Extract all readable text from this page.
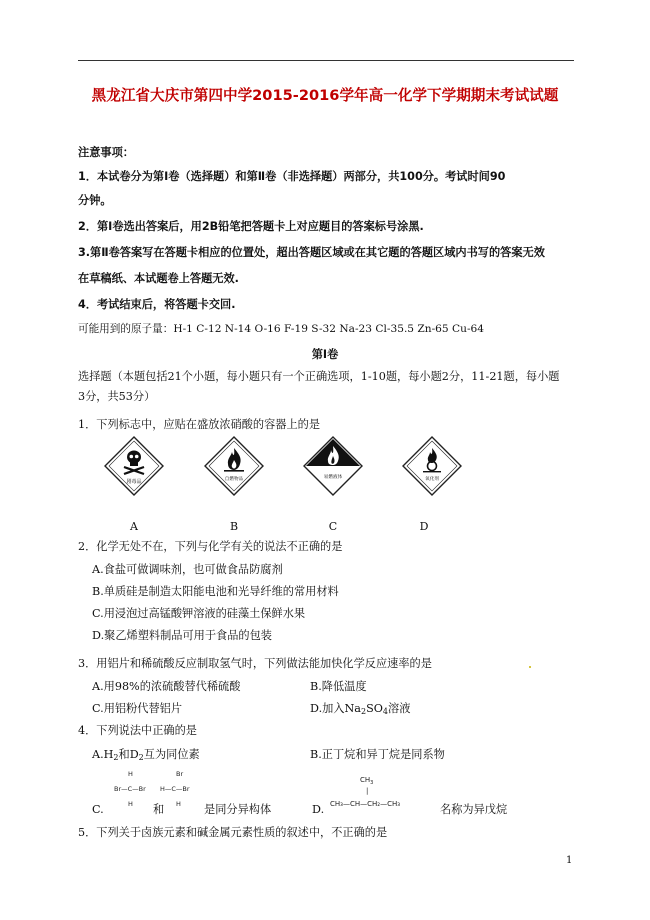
黑龙江省大庆市第四中学2015-2016学年高一化学下学期期末考试试题
注意事项：
1．本试卷分为第Ⅰ卷（选择题）和第Ⅱ卷（非选择题）两部分，共100分。考试时间90
分钟。
2．第Ⅰ卷选出答案后，用2B铅笔把答题卡上对应题目的答案标号涂黑.
3.第Ⅱ卷答案写在答题卡相应的位置处，超出答题区域或在其它题的答题区域内书写的答案无效
在草稿纸、本试题卷上答题无效.
4．考试结束后，将答题卡交回.
可能用到的原子量：H-1 C-12 N-14 O-16 F-19 S-32 Na-23 Cl-35.5 Zn-65 Cu-64
第Ⅰ卷
选择题（本题包括21个小题，每小题只有一个正确选项，1-10题，每小题2分，11-21题，每小题
3分，共53分）
1．下列标志中，应贴在盛放浓硝酸的容器上的是
剧毒品	自燃物品	易燃液体	氧化剂
A	B	C	D
2．化学无处不在，下列与化学有关的说法不正确的是
A.食盐可做调味剂，也可做食品防腐剂
B.单质硅是制造太阳能电池和光导纤维的常用材料
C.用浸泡过高锰酸钾溶液的硅藻土保鲜水果
D.聚乙烯塑料制品可用于食品的包装
3．用铝片和稀硫酸反应制取氢气时，下列做法能加快化学反应速率的是
A.用98%的浓硫酸替代稀硫酸	B.降低温度
C.用铝粉代替铝片	D.加入$Na_2SO_4$溶液
4．下列说法中正确的是
$A.H_2$和$D_2$互为同位素	B.正丁烷和异丁烷是同系物
H
Br—C—Br
H
Br
H—C—Br
H
$CH_3$
|
CH₃—CH—CH₂—CH₃
C.	和	是同分异构体	D.	名称为异戊烷
5．下列关于卤族元素和碱金属元素性质的叙述中，不正确的是
1
